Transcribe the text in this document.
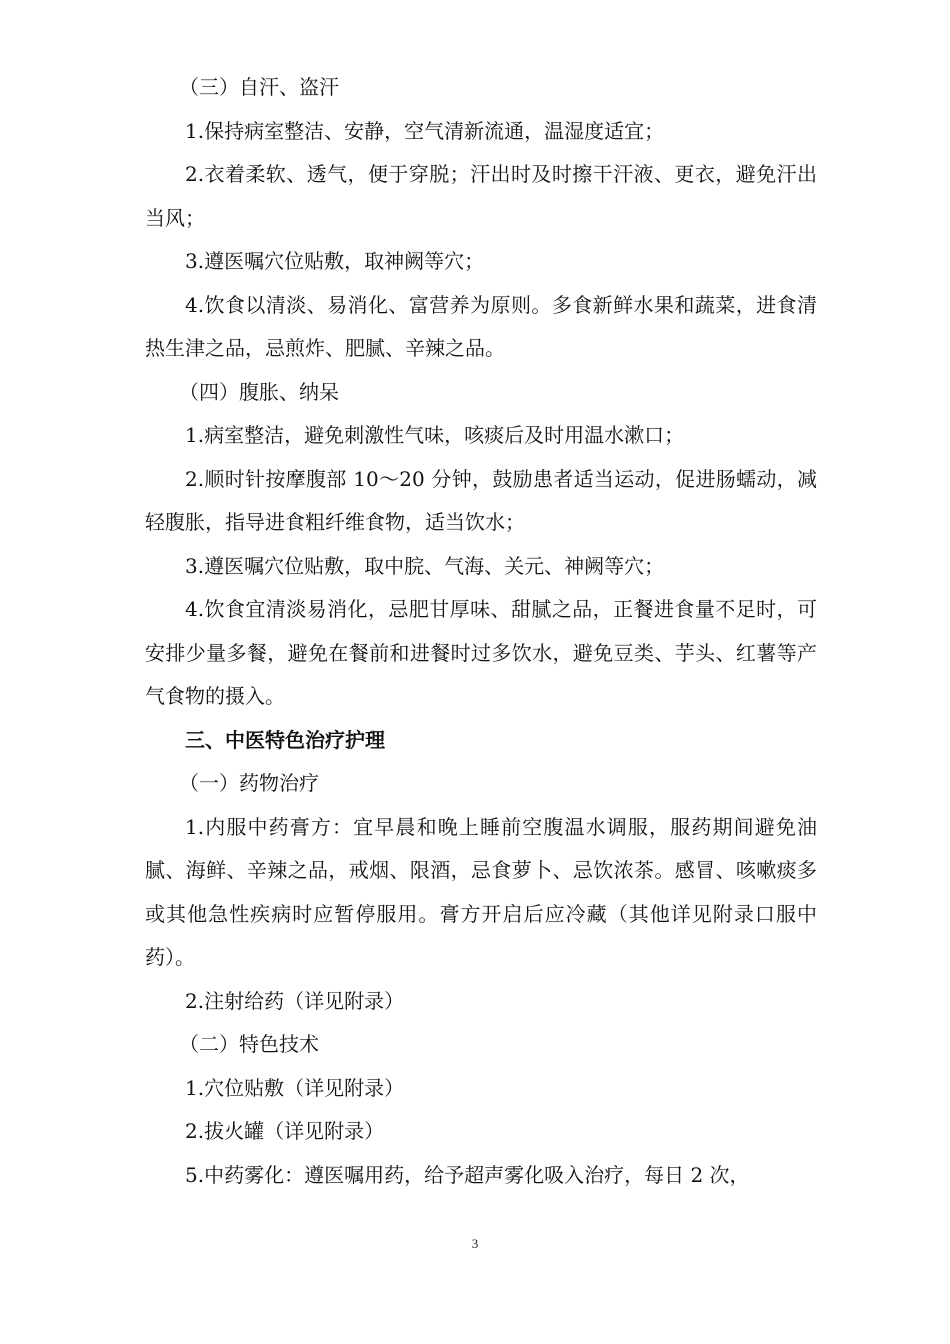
（三）自汗、盗汗

1.保持病室整洁、安静，空气清新流通，温湿度适宜；

2.衣着柔软、透气，便于穿脱；汗出时及时擦干汗液、更衣，避免汗出当风；

3.遵医嘱穴位贴敷，取神阙等穴；

4.饮食以清淡、易消化、富营养为原则。多食新鲜水果和蔬菜，进食清热生津之品，忌煎炸、肥腻、辛辣之品。

（四）腹胀、纳呆

1.病室整洁，避免刺激性气味，咳痰后及时用温水漱口；

2.顺时针按摩腹部 10～20 分钟，鼓励患者适当运动，促进肠蠕动，减轻腹胀，指导进食粗纤维食物，适当饮水；

3.遵医嘱穴位贴敷，取中脘、气海、关元、神阙等穴；

4.饮食宜清淡易消化，忌肥甘厚味、甜腻之品，正餐进食量不足时，可安排少量多餐，避免在餐前和进餐时过多饮水，避免豆类、芋头、红薯等产气食物的摄入。

三、中医特色治疗护理

（一）药物治疗

1.内服中药膏方：宜早晨和晚上睡前空腹温水调服，服药期间避免油腻、海鲜、辛辣之品，戒烟、限酒，忌食萝卜、忌饮浓茶。感冒、咳嗽痰多或其他急性疾病时应暂停服用。膏方开启后应冷藏（其他详见附录口服中药）。

2.注射给药（详见附录）

（二）特色技术

1.穴位贴敷（详见附录）

2.拔火罐（详见附录）

5.中药雾化：遵医嘱用药，给予超声雾化吸入治疗，每日 2 次，

3
